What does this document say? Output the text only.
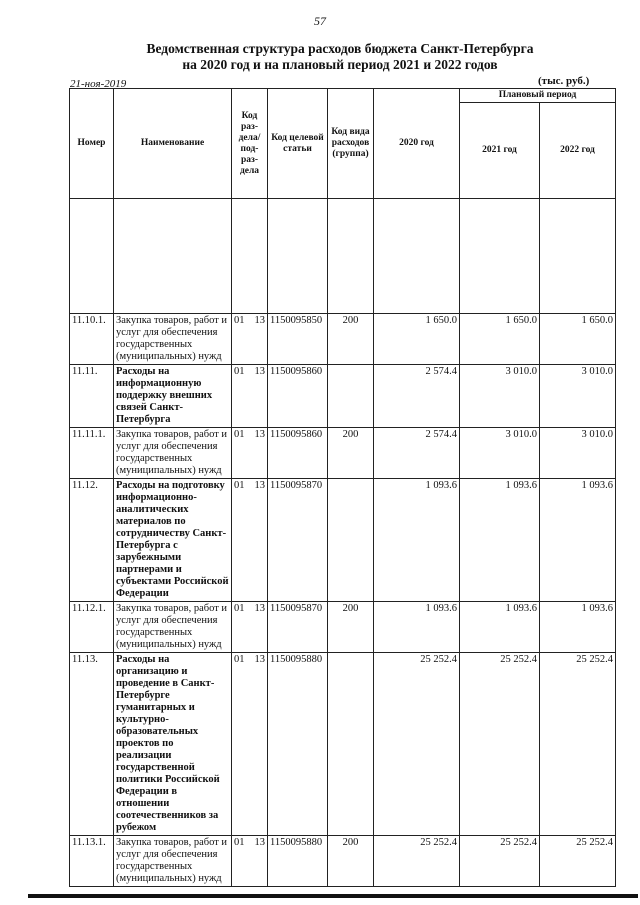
57
Ведомственная структура расходов бюджета Санкт-Петербурга
на 2020 год и на плановый период 2021 и 2022 годов
21-ноя-2019	(тыс. руб.)
Номер	Наименование	Код раз-дела/ под-раз-дела	Код целевой статьи	Код вида расходов (группа)	2020 год	Плановый период	
						2021 год	2022 год

11.10.1.	Закупка товаров, работ и услуг для обеспечения государственных (муниципальных) нужд	01 13	1150095850	200	1 650.0	1 650.0	1 650.0
11.11.	Расходы на информационную поддержку внешних связей Санкт-Петербурга	01 13	1150095860		2 574.4	3 010.0	3 010.0
11.11.1.	Закупка товаров, работ и услуг для обеспечения государственных (муниципальных) нужд	01 13	1150095860	200	2 574.4	3 010.0	3 010.0
11.12.	Расходы на подготовку информационно-аналитических материалов по сотрудничеству Санкт-Петербурга с зарубежными партнерами и субъектами Российской Федерации	01 13	1150095870		1 093.6	1 093.6	1 093.6
11.12.1.	Закупка товаров, работ и услуг для обеспечения государственных (муниципальных) нужд	01 13	1150095870	200	1 093.6	1 093.6	1 093.6
11.13.	Расходы на организацию и проведение в Санкт-Петербурге гуманитарных и культурно-образовательных проектов по реализации государственной политики Российской Федерации в отношении соотечественников за рубежом	01 13	1150095880		25 252.4	25 252.4	25 252.4
11.13.1.	Закупка товаров, работ и услуг для обеспечения государственных (муниципальных) нужд	01 13	1150095880	200	25 252.4	25 252.4	25 252.4
